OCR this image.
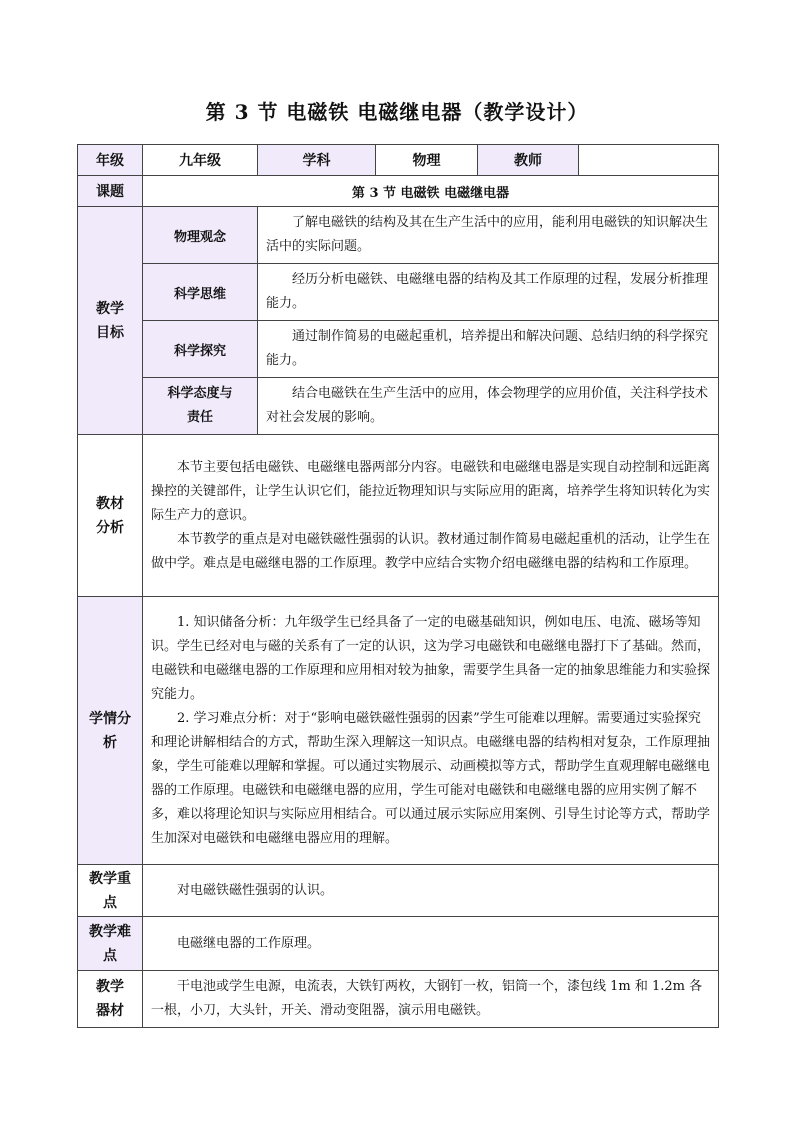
第 3 节 电磁铁 电磁继电器（教学设计）
年级	九年级	学科	物理	教师	
课题	第 3 节 电磁铁 电磁继电器				
教学目标	物理观念	了解电磁铁的结构及其在生产生活中的应用，能利用电磁铁的知识解决生活中的实际问题。			
	科学思维	经历分析电磁铁、电磁继电器的结构及其工作原理的过程，发展分析推理能力。			
	科学探究	通过制作简易的电磁起重机，培养提出和解决问题、总结归纳的科学探究能力。			
	科学态度与责任	结合电磁铁在生产生活中的应用，体会物理学的应用价值，关注科学技术对社会发展的影响。			
教材分析	本节主要包括电磁铁、电磁继电器两部分内容。电磁铁和电磁继电器是实现自动控制和远距离操控的关键部件，让学生认识它们，能拉近物理知识与实际应用的距离，培养学生将知识转化为实际生产力的意识。

本节教学的重点是对电磁铁磁性强弱的认识。教材通过制作简易电磁起重机的活动，让学生在做中学。难点是电磁继电器的工作原理。教学中应结合实物介绍电磁继电器的结构和工作原理。				

学情分析	1. 知识储备分析：九年级学生已经具备了一定的电磁基础知识，例如电压、电流、磁场等知识。学生已经对电与磁的关系有了一定的认识，这为学习电磁铁和电磁继电器打下了基础。然而，电磁铁和电磁继电器的工作原理和应用相对较为抽象，需要学生具备一定的抽象思维能力和实验探究能力。

2. 学习难点分析：对于“影响电磁铁磁性强弱的因素”学生可能难以理解。需要通过实验探究和理论讲解相结合的方式，帮助生深入理解这一知识点。电磁继电器的结构相对复杂，工作原理抽象，学生可能难以理解和掌握。可以通过实物展示、动画模拟等方式，帮助学生直观理解电磁继电器的工作原理。电磁铁和电磁继电器的应用，学生可能对电磁铁和电磁继电器的应用实例了解不多，难以将理论知识与实际应用相结合。可以通过展示实际应用案例、引导生讨论等方式，帮助学生加深对电磁铁和电磁继电器应用的理解。				

教学重点	对电磁铁磁性强弱的认识。				
教学难点	电磁继电器的工作原理。				
教学器材	干电池或学生电源，电流表，大铁钉两枚，大钢钉一枚，铝筒一个，漆包线 1m 和 1.2m 各一根，小刀，大头针，开关、滑动变阻器，演示用电磁铁。				
